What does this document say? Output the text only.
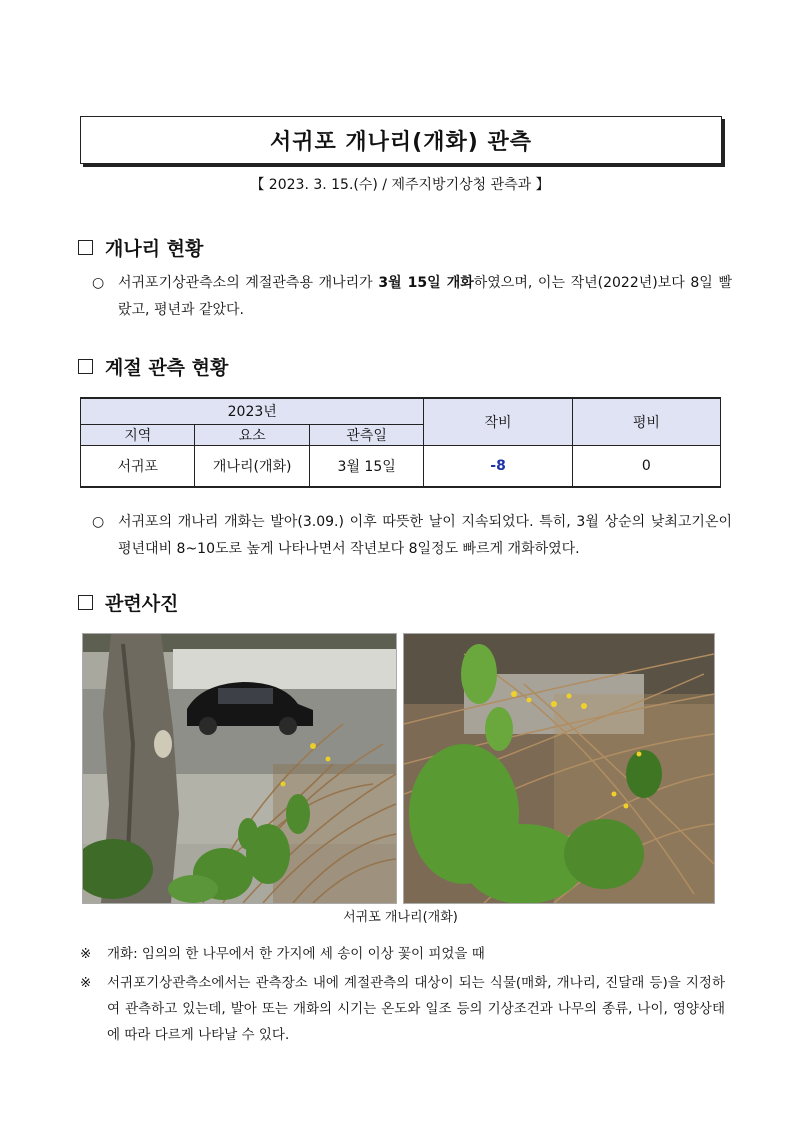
서귀포 개나리(개화) 관측
【 2023. 3. 15.(수) / 제주지방기상청 관측과 】
개나리 현황
○ 서귀포기상관측소의 계절관측용 개나리가 3월 15일 개화하였으며, 이는 작년(2022년)보다 8일 빨랐고, 평년과 같았다.
계절 관측 현황
2023년			작비	평비
지역	요소	관측일		
서귀포	개나리(개화)	3월 15일	-8	0
○ 서귀포의 개나리 개화는 발아(3.09.) 이후 따뜻한 날이 지속되었다. 특히, 3월 상순의 낮최고기온이 평년대비 8~10도로 높게 나타나면서 작년보다 8일정도 빠르게 개화하였다.
관련사진
서귀포 개나리(개화)
※	개화: 임의의 한 나무에서 한 가지에 세 송이 이상 꽃이 피었을 때
※	서귀포기상관측소에서는 관측장소 내에 계절관측의 대상이 되는 식물(매화, 개나리, 진달래 등)을 지정하여 관측하고 있는데, 발아 또는 개화의 시기는 온도와 일조 등의 기상조건과 나무의 종류, 나이, 영양상태에 따라 다르게 나타날 수 있다.
